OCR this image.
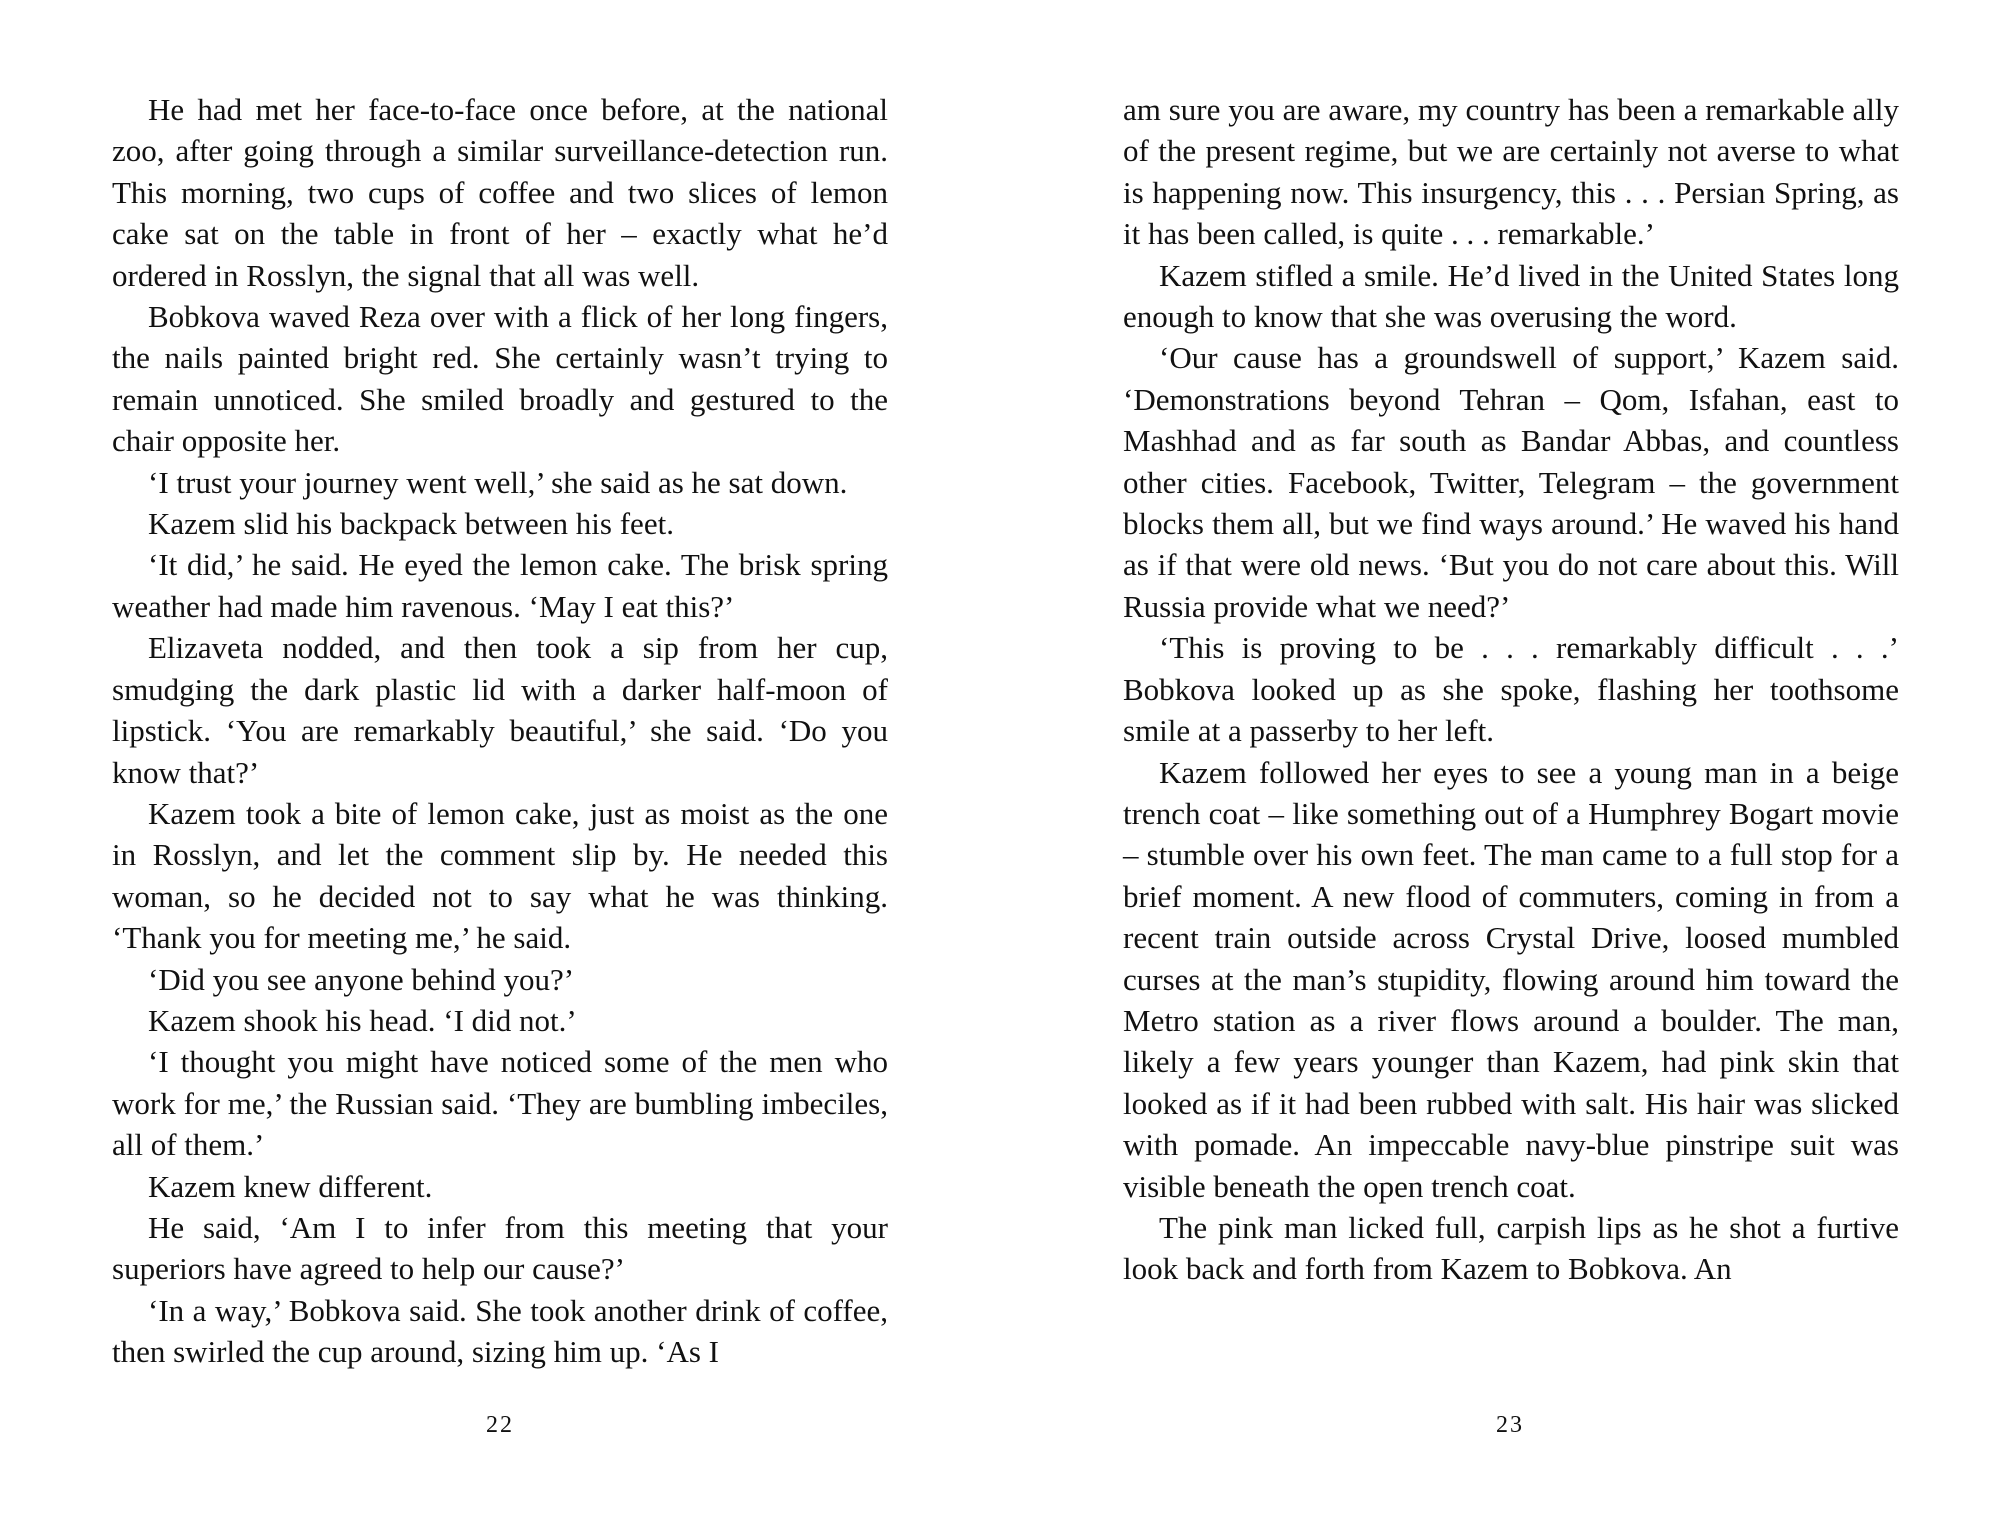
He had met her face-to-face once before, at the national zoo, after going through a similar surveillance-detection run. This morning, two cups of coffee and two slices of lemon cake sat on the table in front of her – exactly what he’d ordered in Rosslyn, the signal that all was well.

Bobkova waved Reza over with a flick of her long fingers, the nails painted bright red. She certainly wasn’t trying to remain unnoticed. She smiled broadly and gestured to the chair opposite her.

‘I trust your journey went well,’ she said as he sat down.

Kazem slid his backpack between his feet.

‘It did,’ he said. He eyed the lemon cake. The brisk spring weather had made him ravenous. ‘May I eat this?’

Elizaveta nodded, and then took a sip from her cup, smudging the dark plastic lid with a darker half-moon of lipstick. ‘You are remarkably beautiful,’ she said. ‘Do you know that?’

Kazem took a bite of lemon cake, just as moist as the one in Rosslyn, and let the comment slip by. He needed this woman, so he decided not to say what he was thinking. ‘Thank you for meeting me,’ he said.

‘Did you see anyone behind you?’

Kazem shook his head. ‘I did not.’

‘I thought you might have noticed some of the men who work for me,’ the Russian said. ‘They are bumbling imbeciles, all of them.’

Kazem knew different.

He said, ‘Am I to infer from this meeting that your superiors have agreed to help our cause?’

‘In a way,’ Bobkova said. She took another drink of coffee, then swirled the cup around, sizing him up. ‘As I

22

am sure you are aware, my country has been a remarkable ally of the present regime, but we are certainly not averse to what is happening now. This insurgency, this . . . Persian Spring, as it has been called, is quite . . . remarkable.’

Kazem stifled a smile. He’d lived in the United States long enough to know that she was overusing the word.

‘Our cause has a groundswell of support,’ Kazem said. ‘Demonstrations beyond Tehran – Qom, Isfahan, east to Mashhad and as far south as Bandar Abbas, and countless other cities. Facebook, Twitter, Telegram – the government blocks them all, but we find ways around.’ He waved his hand as if that were old news. ‘But you do not care about this. Will Russia provide what we need?’

‘This is proving to be . . . remarkably difficult . . .’ Bobkova looked up as she spoke, flashing her toothsome smile at a passerby to her left.

Kazem followed her eyes to see a young man in a beige trench coat – like something out of a Humphrey Bogart movie – stumble over his own feet. The man came to a full stop for a brief moment. A new flood of commuters, coming in from a recent train outside across Crystal Drive, loosed mumbled curses at the man’s stupidity, flowing around him toward the Metro station as a river flows around a boulder. The man, likely a few years younger than Kazem, had pink skin that looked as if it had been rubbed with salt. His hair was slicked with pomade. An impeccable navy-blue pinstripe suit was visible beneath the open trench coat.

The pink man licked full, carpish lips as he shot a furtive look back and forth from Kazem to Bobkova. An

23
